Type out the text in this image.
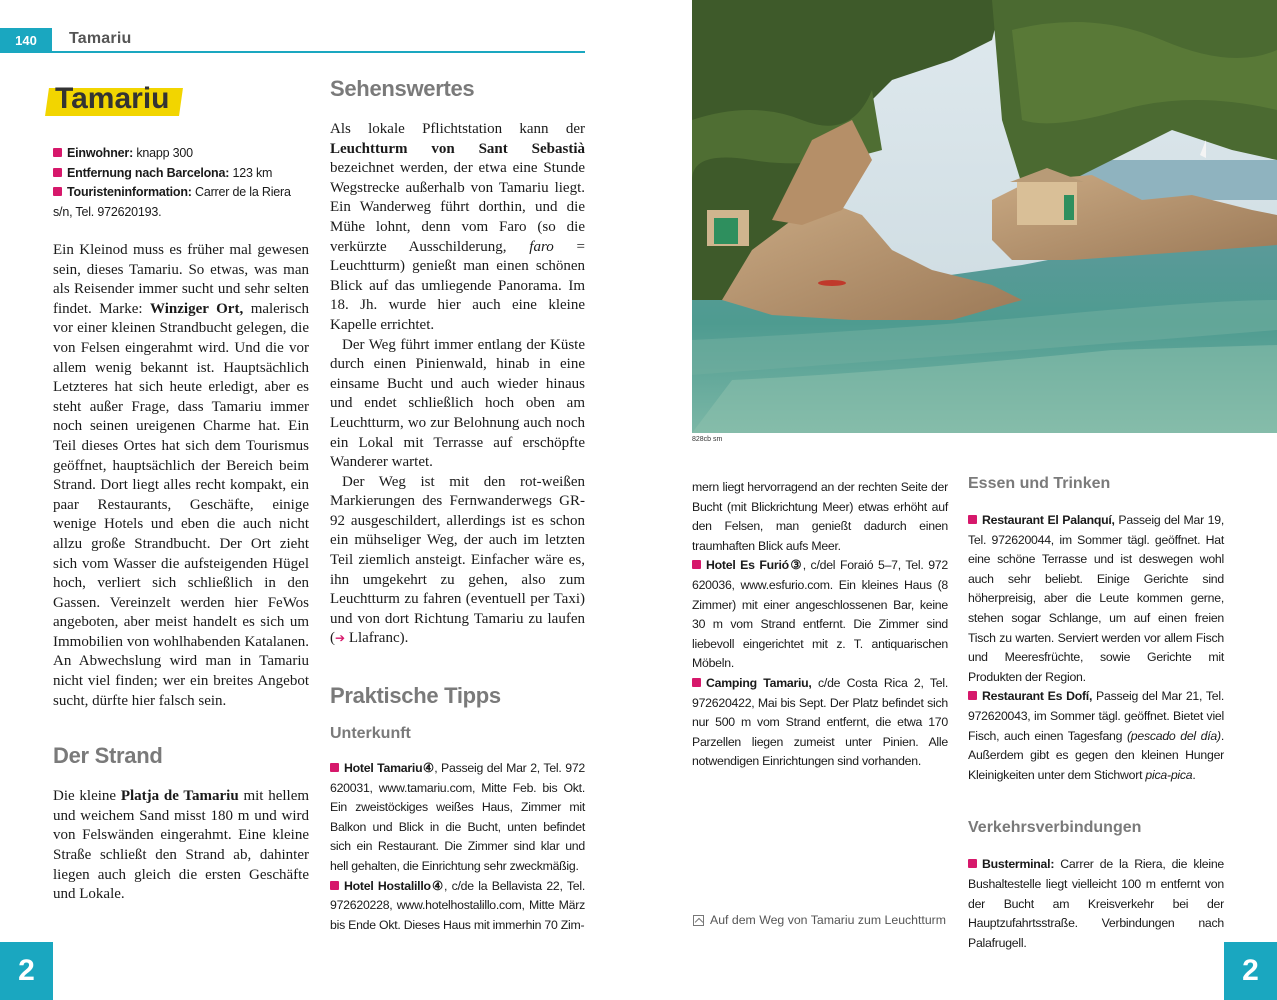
140	Tamariu
Tamariu
Einwohner: knapp 300
Entfernung nach Barcelona: 123 km
Touristeninformation: Carrer de la Riera s/n, Tel. 972620193.

Ein Kleinod muss es früher mal gewesen sein, dieses Tamariu. So etwas, was man als Reisender immer sucht und sehr selten findet. Marke: Winziger Ort, malerisch vor einer kleinen Strandbucht gelegen, die von Felsen eingerahmt wird. Und die vor allem wenig bekannt ist. Hauptsächlich Letzteres hat sich heute erledigt, aber es steht außer Frage, dass Tamariu immer noch seinen ureigenen Charme hat. Ein Teil dieses Ortes hat sich dem Tourismus geöffnet, hauptsächlich der Bereich beim Strand. Dort liegt alles recht kompakt, ein paar Restaurants, Geschäfte, einige wenige Hotels und eben die auch nicht allzu große Strandbucht. Der Ort zieht sich vom Wasser die aufsteigenden Hügel hoch, verliert sich schließlich in den Gassen. Vereinzelt werden hier FeWos angeboten, aber meist handelt es sich um Immobilien von wohlhabenden Katalanen. An Abwechslung wird man in Tamariu nicht viel finden; wer ein breites Angebot sucht, dürfte hier falsch sein.

Der Strand

Die kleine Platja de Tamariu mit hellem und weichem Sand misst 180 m und wird von Felswänden eingerahmt. Eine kleine Straße schließt den Strand ab, dahinter liegen auch gleich die ersten Geschäfte und Lokale.

Sehenswertes

Als lokale Pflichtstation kann der Leuchtturm von Sant Sebastià bezeichnet werden, der etwa eine Stunde Wegstrecke außerhalb von Tamariu liegt. Ein Wanderweg führt dorthin, und die Mühe lohnt, denn vom Faro (so die verkürzte Ausschilderung, faro = Leuchtturm) genießt man einen schönen Blick auf das umliegende Panorama. Im 18. Jh. wurde hier auch eine kleine Kapelle errichtet.

Der Weg führt immer entlang der Küste durch einen Pinienwald, hinab in eine einsame Bucht und auch wieder hinaus und endet schließlich hoch oben am Leuchtturm, wo zur Belohnung auch noch ein Lokal mit Terrasse auf erschöpfte Wanderer wartet.

Der Weg ist mit den rot-weißen Markierungen des Fernwanderwegs GR-92 ausgeschildert, allerdings ist es schon ein mühseliger Weg, der auch im letzten Teil ziemlich ansteigt. Einfacher wäre es, ihn umgekehrt zu gehen, also zum Leuchtturm zu fahren (eventuell per Taxi) und von dort Richtung Tamariu zu laufen (➔ Llafranc).

Praktische Tipps
Unterkunft

Hotel Tamariu④, Passeig del Mar 2, Tel. 972 620031, www.tamariu.com, Mitte Feb. bis Okt. Ein zweistöckiges weißes Haus, Zimmer mit Balkon und Blick in die Bucht, unten befindet sich ein Restaurant. Die Zimmer sind klar und hell gehalten, die Einrichtung sehr zweckmäßig.

Hotel Hostalillo④, c/de la Bellavista 22, Tel. 972620228, www.hotelhostalillo.com, Mitte März bis Ende Okt. Dieses Haus mit immerhin 70 Zim-

828cb sm

mern liegt hervorragend an der rechten Seite der Bucht (mit Blickrichtung Meer) etwas erhöht auf den Felsen, man genießt dadurch einen traumhaften Blick aufs Meer.

Hotel Es Furió③, c/del Foraió 5–7, Tel. 972 620036, www.esfurio.com. Ein kleines Haus (8 Zimmer) mit einer angeschlossenen Bar, keine 30 m vom Strand entfernt. Die Zimmer sind liebevoll eingerichtet mit z. T. antiquarischen Möbeln.

Camping Tamariu, c/de Costa Rica 2, Tel. 972620422, Mai bis Sept. Der Platz befindet sich nur 500 m vom Strand entfernt, die etwa 170 Parzellen liegen zumeist unter Pinien. Alle notwendigen Einrichtungen sind vorhanden.

Essen und Trinken

Restaurant El Palanquí, Passeig del Mar 19, Tel. 972620044, im Sommer tägl. geöffnet. Hat eine schöne Terrasse und ist deswegen wohl auch sehr beliebt. Einige Gerichte sind höherpreisig, aber die Leute kommen gerne, stehen sogar Schlange, um auf einen freien Tisch zu warten. Serviert werden vor allem Fisch und Meeresfrüchte, sowie Gerichte mit Produkten der Region.

Restaurant Es Dofí, Passeig del Mar 21, Tel. 972620043, im Sommer tägl. geöffnet. Bietet viel Fisch, auch einen Tagesfang (pescado del día). Außerdem gibt es gegen den kleinen Hunger Kleinigkeiten unter dem Stichwort pica-pica.

Verkehrsverbindungen

Busterminal: Carrer de la Riera, die kleine Bushaltestelle liegt vielleicht 100 m entfernt von der Bucht am Kreisverkehr bei der Hauptzufahrtsstraße. Verbindungen nach Palafrugell.

Auf dem Weg von Tamariu zum Leuchtturm
2	2
